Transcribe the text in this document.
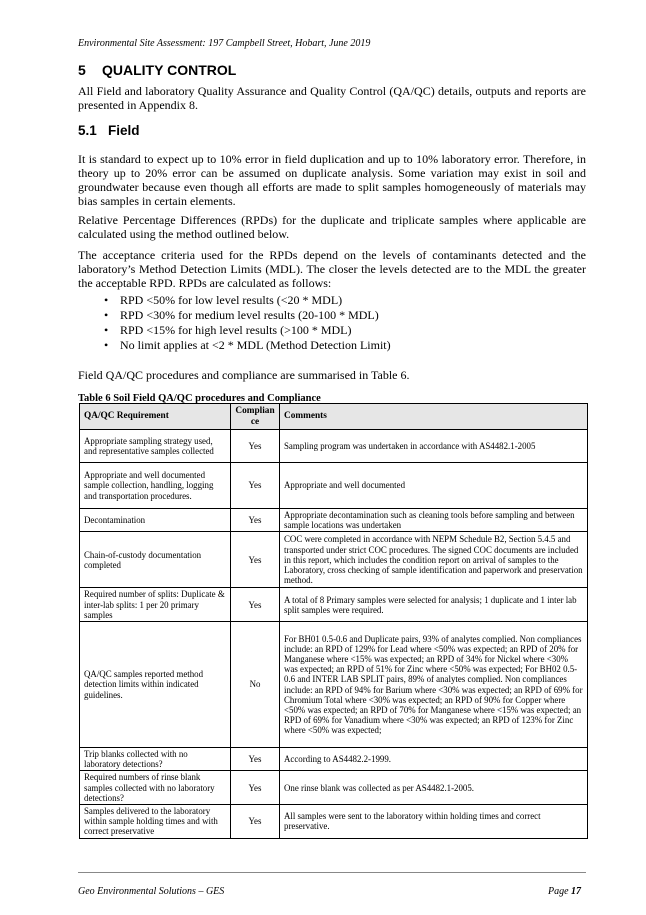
Environmental Site Assessment: 197 Campbell Street, Hobart, June 2019
5 QUALITY CONTROL
All Field and laboratory Quality Assurance and Quality Control (QA/QC) details, outputs and reports are presented in Appendix 8.
5.1 Field
It is standard to expect up to 10% error in field duplication and up to 10% laboratory error. Therefore, in theory up to 20% error can be assumed on duplicate analysis. Some variation may exist in soil and groundwater because even though all efforts are made to split samples homogeneously of materials may bias samples in certain elements.
Relative Percentage Differences (RPDs) for the duplicate and triplicate samples where applicable are calculated using the method outlined below.
The acceptance criteria used for the RPDs depend on the levels of contaminants detected and the laboratory’s Method Detection Limits (MDL). The closer the levels detected are to the MDL the greater the acceptable RPD. RPDs are calculated as follows:
• RPD <50% for low level results (<20 * MDL)
• RPD <30% for medium level results (20-100 * MDL)
• RPD <15% for high level results (>100 * MDL)
• No limit applies at <2 * MDL (Method Detection Limit)
Field QA/QC procedures and compliance are summarised in Table 6.
Table 6 Soil Field QA/QC procedures and Compliance
QA/QC Requirement	Complian ce	Comments
Appropriate sampling strategy used, and representative samples collected	Yes	Sampling program was undertaken in accordance with AS4482.1-2005
Appropriate and well documented sample collection, handling, logging and transportation procedures.	Yes	Appropriate and well documented
Decontamination	Yes	Appropriate decontamination such as cleaning tools before sampling and between sample locations was undertaken
Chain-of-custody documentation completed	Yes	COC were completed in accordance with NEPM Schedule B2, Section 5.4.5 and transported under strict COC procedures. The signed COC documents are included in this report, which includes the condition report on arrival of samples to the Laboratory, cross checking of sample identification and paperwork and preservation method.
Required number of splits: Duplicate & inter-lab splits: 1 per 20 primary samples	Yes	A total of 8 Primary samples were selected for analysis; 1 duplicate and 1 inter lab split samples were required.
QA/QC samples reported method detection limits within indicated guidelines.	No	For BH01 0.5-0.6 and Duplicate pairs, 93% of analytes complied. Non compliances include: an RPD of 129% for Lead where <50% was expected; an RPD of 20% for Manganese where <15% was expected; an RPD of 34% for Nickel where <30% was expected; an RPD of 51% for Zinc where <50% was expected; For BH02 0.5-0.6 and INTER LAB SPLIT pairs, 89% of analytes complied. Non compliances include: an RPD of 94% for Barium where <30% was expected; an RPD of 69% for Chromium Total where <30% was expected; an RPD of 90% for Copper where <50% was expected; an RPD of 70% for Manganese where <15% was expected; an RPD of 69% for Vanadium where <30% was expected; an RPD of 123% for Zinc where <50% was expected;
Trip blanks collected with no laboratory detections?	Yes	According to AS4482.2-1999.
Required numbers of rinse blank samples collected with no laboratory detections?	Yes	One rinse blank was collected as per AS4482.1-2005.
Samples delivered to the laboratory within sample holding times and with correct preservative	Yes	All samples were sent to the laboratory within holding times and correct preservative.
Geo Environmental Solutions – GES	Page 17
